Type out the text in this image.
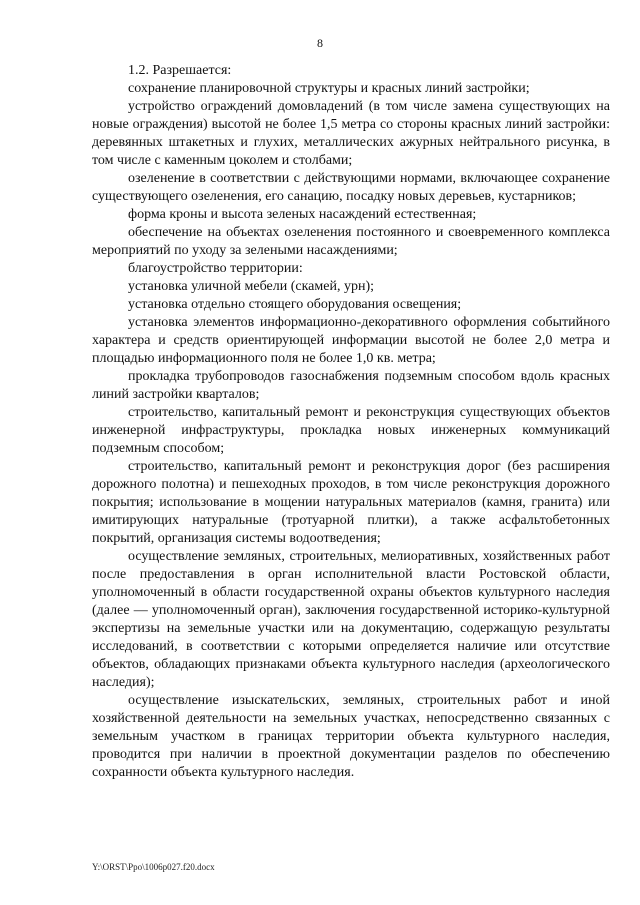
8

1.2. Разрешается:

сохранение планировочной структуры и красных линий застройки;

устройство ограждений домовладений (в том числе замена существующих на новые ограждения) высотой не более 1,5 метра со стороны красных линий застройки: деревянных штакетных и глухих, металлических ажурных нейтрального рисунка, в том числе с каменным цоколем и столбами;

озеленение в соответствии с действующими нормами, включающее сохранение существующего озеленения, его санацию, посадку новых деревьев, кустарников;

форма кроны и высота зеленых насаждений естественная;

обеспечение на объектах озеленения постоянного и своевременного комплекса мероприятий по уходу за зелеными насаждениями;

благоустройство территории:

установка уличной мебели (скамей, урн);

установка отдельно стоящего оборудования освещения;

установка элементов информационно-декоративного оформления событийного характера и средств ориентирующей информации высотой не более 2,0 метра и площадью информационного поля не более 1,0 кв. метра;

прокладка трубопроводов газоснабжения подземным способом вдоль красных линий застройки кварталов;

строительство, капитальный ремонт и реконструкция существующих объектов инженерной инфраструктуры, прокладка новых инженерных коммуникаций подземным способом;

строительство, капитальный ремонт и реконструкция дорог (без расширения дорожного полотна) и пешеходных проходов, в том числе реконструкция дорожного покрытия; использование в мощении натуральных материалов (камня, гранита) или имитирующих натуральные (тротуарной плитки), а также асфальтобетонных покрытий, организация системы водоотведения;

осуществление земляных, строительных, мелиоративных, хозяйственных работ после предоставления в орган исполнительной власти Ростовской области, уполномоченный в области государственной охраны объектов культурного наследия (далее — уполномоченный орган), заключения государственной историко-культурной экспертизы на земельные участки или на документацию, содержащую результаты исследований, в соответствии с которыми определяется наличие или отсутствие объектов, обладающих признаками объекта культурного наследия (археологического наследия);

осуществление изыскательских, земляных, строительных работ и иной хозяйственной деятельности на земельных участках, непосредственно связанных с земельным участком в границах территории объекта культурного наследия, проводится при наличии в проектной документации разделов по обеспечению сохранности объекта культурного наследия.

Y:\ORST\Ppo\1006p027.f20.docx
